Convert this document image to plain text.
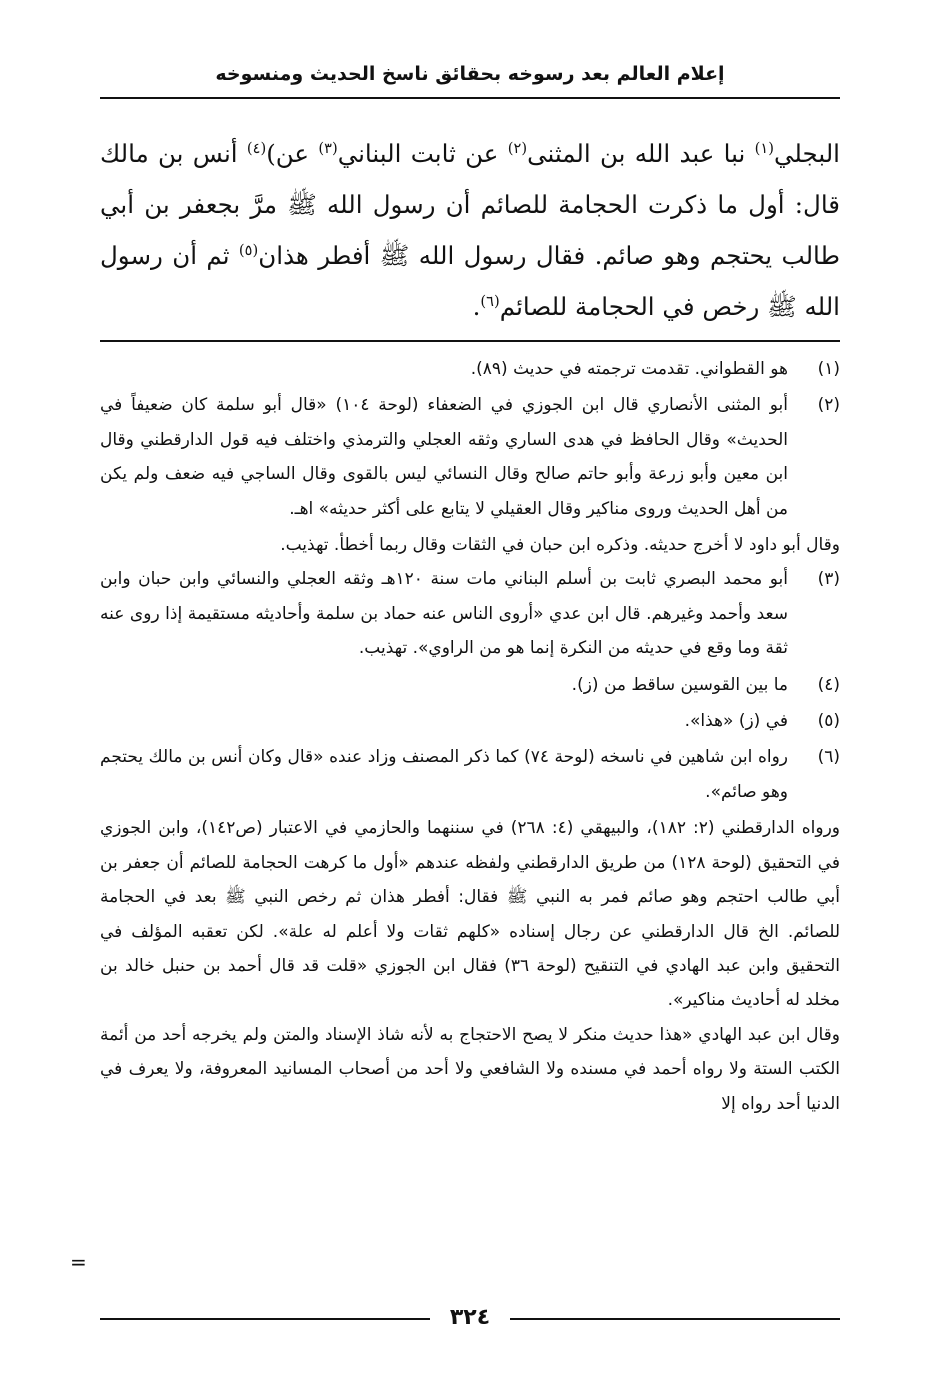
إعلام العالم بعد رسوخه بحقائق ناسخ الحديث ومنسوخه

البجلي$^{(١)}$ نبا عبد الله بن المثنى$^{(٢)}$ عن ثابت البناني$^{(٣)}$ عن)$^{(٤)}$ أنس بن مالك قال: أول ما ذكرت الحجامة للصائم أن رسول الله ﷺ مرَّ بجعفر بن أبي طالب يحتجم وهو صائم. فقال رسول الله ﷺ أفطر هذان$^{(٥)}$ ثم أن رسول الله ﷺ رخص في الحجامة للصائم$^{(٦)}$.

(١)

هو القطواني. تقدمت ترجمته في حديث (٨٩).

(٢)

أبو المثنى الأنصاري قال ابن الجوزي في الضعفاء (لوحة ١٠٤) «قال أبو سلمة كان ضعيفاً في الحديث» وقال الحافظ في هدى الساري وثقه العجلي والترمذي واختلف فيه قول الدارقطني وقال ابن معين وأبو زرعة وأبو حاتم صالح وقال النسائي ليس بالقوى وقال الساجي فيه ضعف ولم يكن من أهل الحديث وروى مناكير وقال العقيلي لا يتابع على أكثر حديثه» اهـ.

وقال أبو داود لا أخرج حديثه. وذكره ابن حبان في الثقات وقال ربما أخطأ. تهذيب.

(٣)

أبو محمد البصري ثابت بن أسلم البناني مات سنة ١٢٠هـ وثقه العجلي والنسائي وابن حبان وابن سعد وأحمد وغيرهم. قال ابن عدي «أروى الناس عنه حماد بن سلمة وأحاديثه مستقيمة إذا روى عنه ثقة وما وقع في حديثه من النكرة إنما هو من الراوي». تهذيب.

(٤)

ما بين القوسين ساقط من (ز).

(٥)

في (ز) «هذا».

(٦)

رواه ابن شاهين في ناسخه (لوحة ٧٤) كما ذكر المصنف وزاد عنده «قال وكان أنس بن مالك يحتجم وهو صائم».

ورواه الدارقطني (٢: ١٨٢)، والبيهقي (٤: ٢٦٨) في سننهما والحازمي في الاعتبار (ص١٤٢)، وابن الجوزي في التحقيق (لوحة ١٢٨) من طريق الدارقطني ولفظه عندهم «أول ما كرهت الحجامة للصائم أن جعفر بن أبي طالب احتجم وهو صائم فمر به النبي ﷺ فقال: أفطر هذان ثم رخص النبي ﷺ بعد في الحجامة للصائم. الخ قال الدارقطني عن رجال إسناده «كلهم ثقات ولا أعلم له علة». لكن تعقبه المؤلف في التحقيق وابن عبد الهادي في التنقيح (لوحة ٣٦) فقال ابن الجوزي «قلت قد قال أحمد بن حنبل خالد بن مخلد له أحاديث مناكير».

وقال ابن عبد الهادي «هذا حديث منكر لا يصح الاحتجاج به لأنه شاذ الإسناد والمتن ولم يخرجه أحد من أئمة الكتب الستة ولا رواه أحمد في مسنده ولا الشافعي ولا أحد من أصحاب المسانيد المعروفة، ولا يعرف في الدنيا أحد رواه إلا

=
٣٢٤
